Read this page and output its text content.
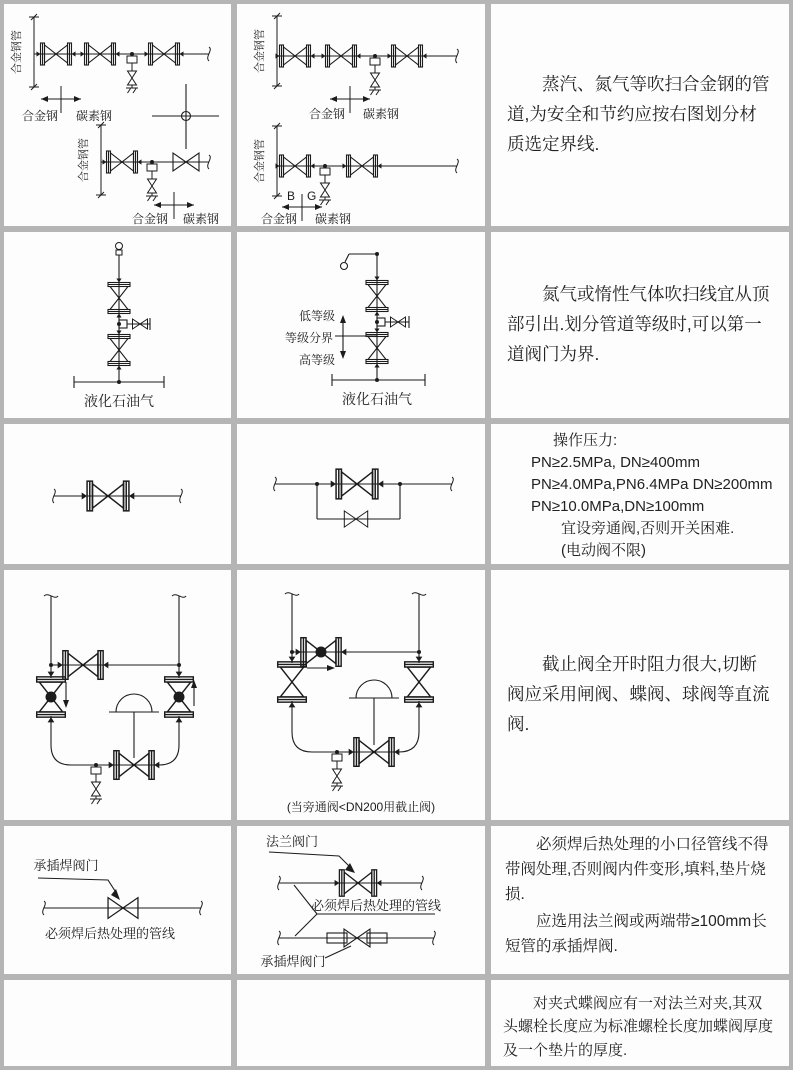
合金钢管
合金钢 碳素钢
合金钢管
合金钢 碳素钢
合金钢管
合金钢 碳素钢
合金钢管
B G
合金钢 碳素钢

蒸汽、氮气等吹扫合金钢的管道,为安全和节约应按右图划分材质选定界线.

液化石油气	液化石油气
低等级
等级分界
高等级

氮气或惰性气体吹扫线宜从顶部引出.划分管道等级时,可以第一道阀门为界.

操作压力:
PN≥2.5MPa, DN≥400mm
PN≥4.0MPa,PN6.4MPa DN≥200mm
PN≥10.0MPa,DN≥100mm
宜设旁通阀,否则开关困难.
(电动阀不限)
(当旁通阀<DN200用截止阀)

截止阀全开时阻力很大,切断阀应采用闸阀、蝶阀、球阀等直流阀.

承插焊阀门
必须焊后热处理的管线
法兰阀门
必须焊后热处理的管线
承插焊阀门

必须焊后热处理的小口径管线不得带阀处理,否则阀内件变形,填料,垫片烧损.

应选用法兰阀或两端带≥100mm长短管的承插焊阀.

对夹式蝶阀应有一对法兰对夹,其双头螺栓长度应为标准螺栓长度加蝶阀厚度及一个垫片的厚度.
